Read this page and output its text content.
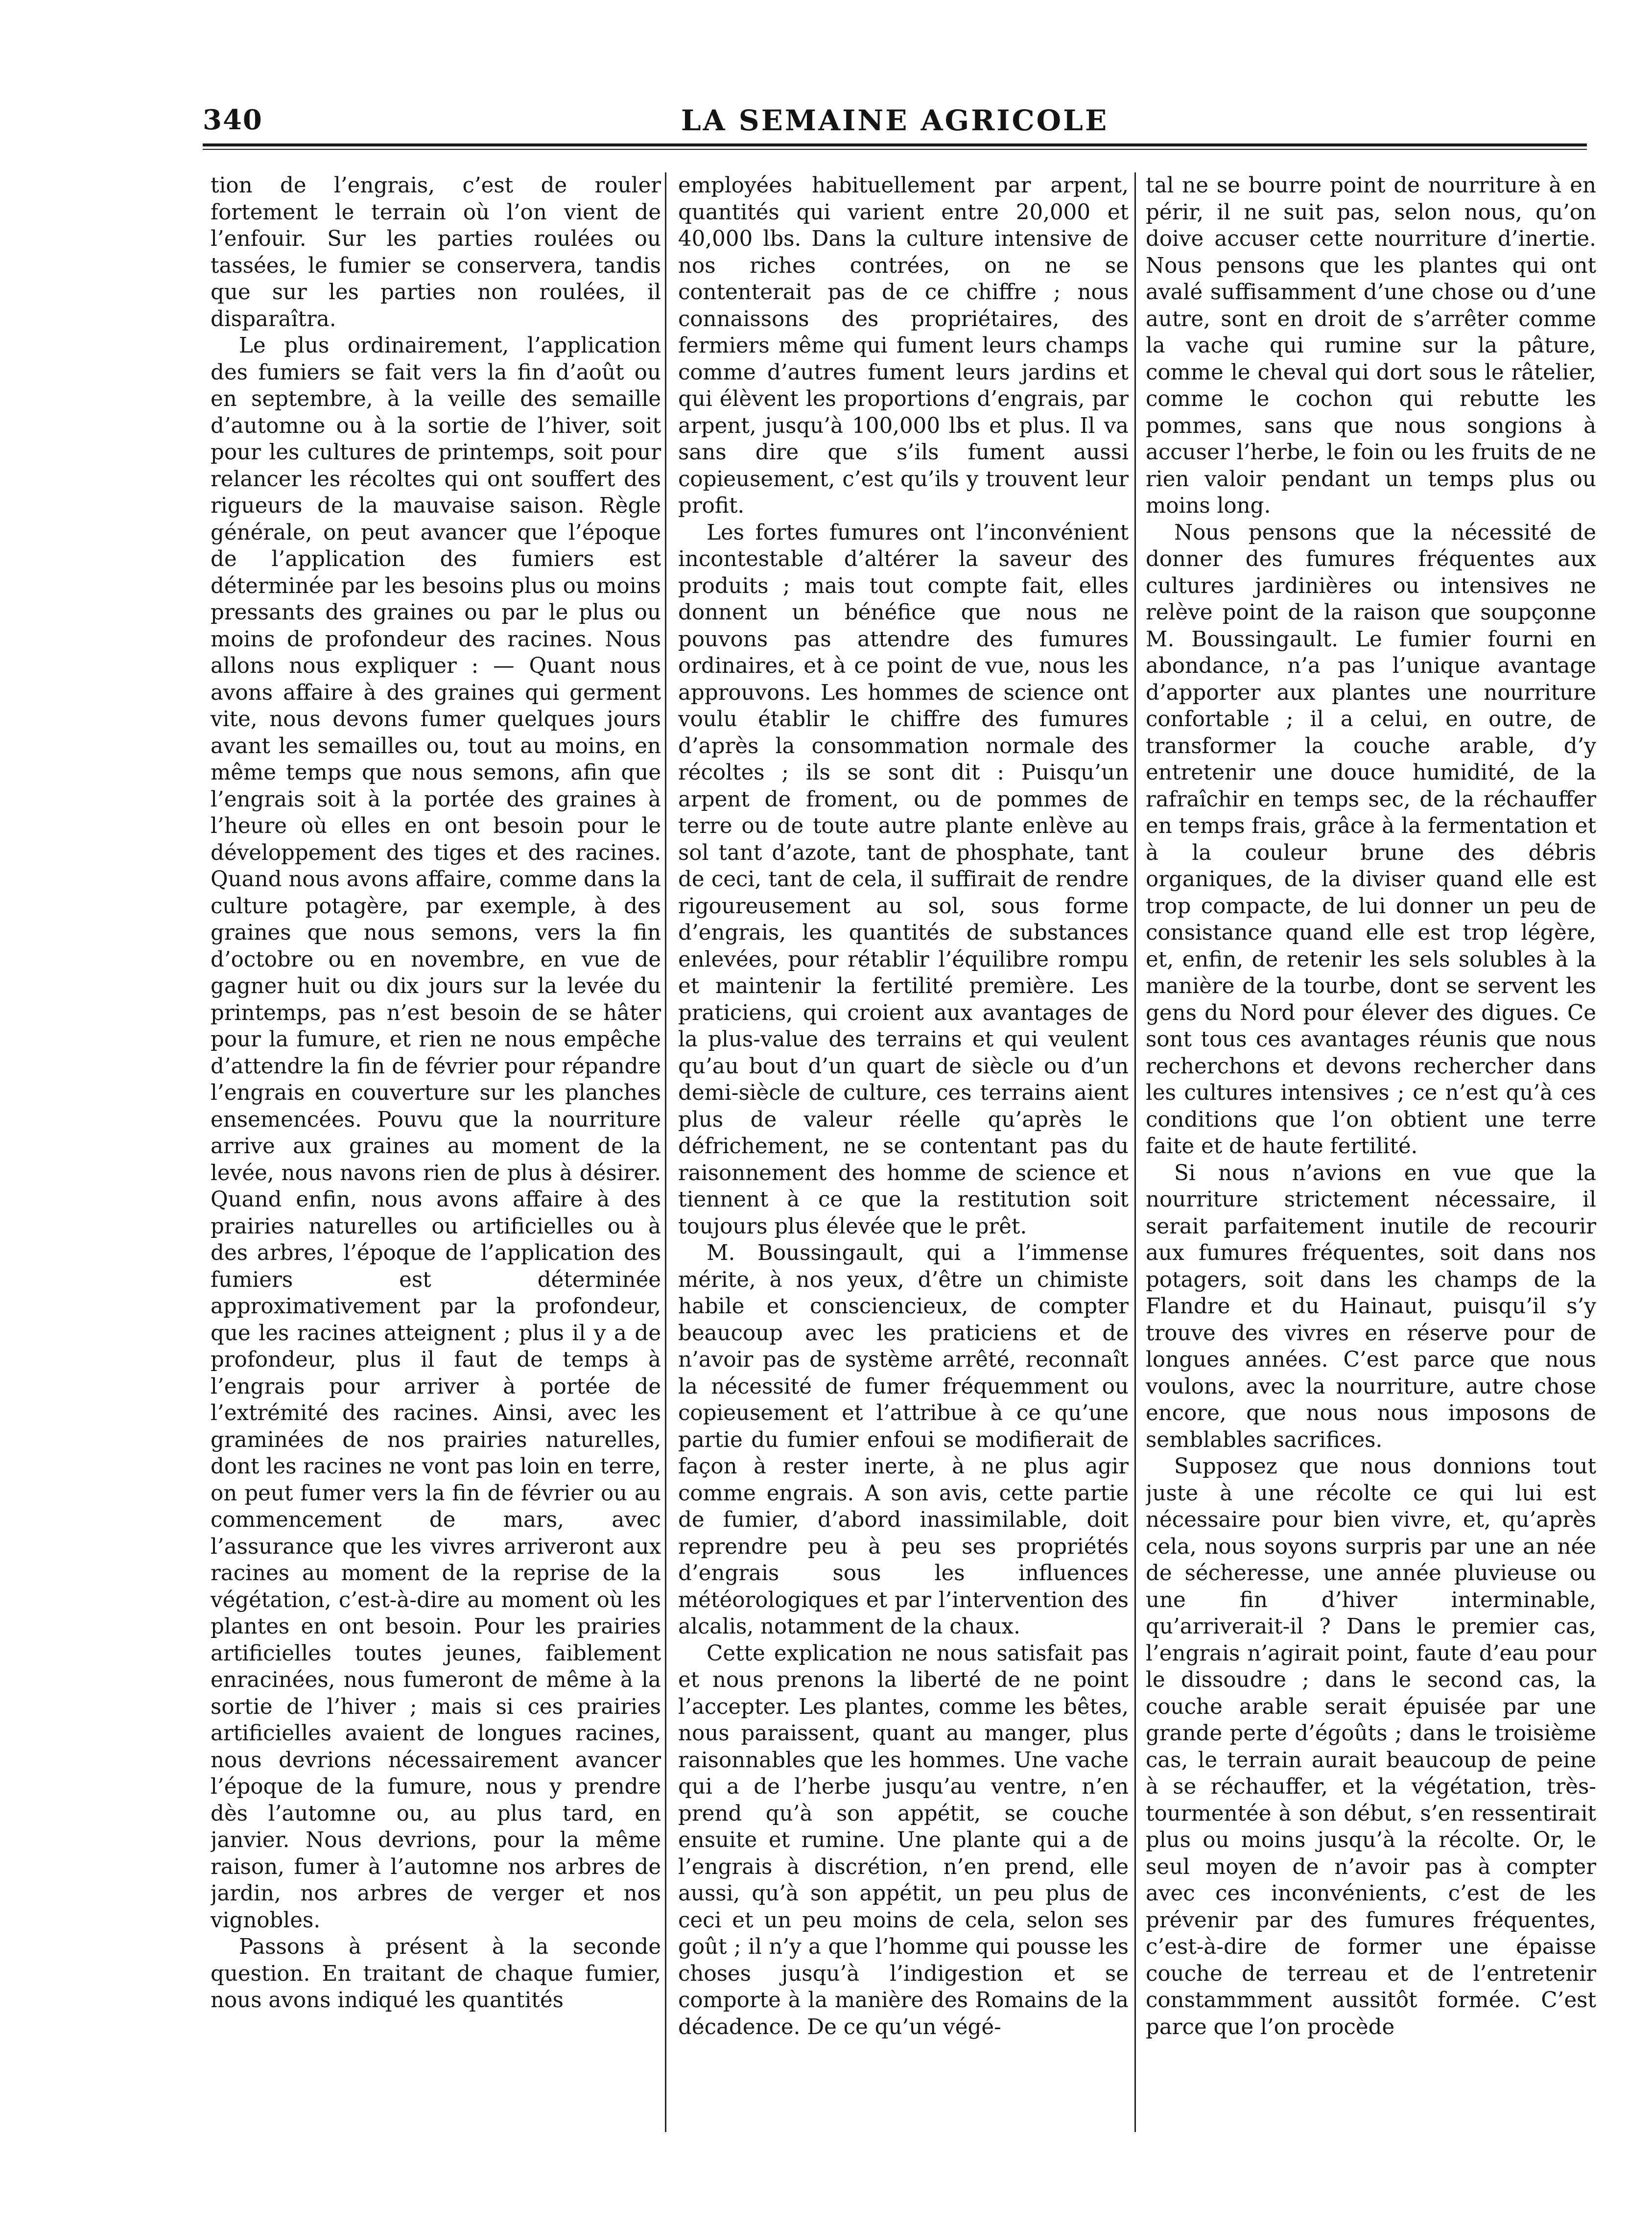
340	LA SEMAINE AGRICOLE

tion de l’engrais, c’est de rouler fortement le terrain où l’on vient de l’enfouir. Sur les parties roulées ou tassées, le fumier se conservera, tandis que sur les parties non roulées, il disparaîtra.

Le plus ordinairement, l’application des fumiers se fait vers la fin d’août ou en septembre, à la veille des semaille d’automne ou à la sortie de l’hiver, soit pour les cultures de printemps, soit pour relancer les récoltes qui ont souffert des rigueurs de la mauvaise saison. Règle générale, on peut avancer que l’époque de l’application des fumiers est déterminée par les besoins plus ou moins pressants des graines ou par le plus ou moins de profondeur des racines. Nous allons nous expliquer : — Quant nous avons affaire à des graines qui germent vite, nous devons fumer quelques jours avant les semailles ou, tout au moins, en même temps que nous semons, afin que l’engrais soit à la portée des graines à l’heure où elles en ont besoin pour le développement des tiges et des racines. Quand nous avons affaire, comme dans la culture potagère, par exemple, à des graines que nous semons, vers la fin d’octobre ou en novembre, en vue de gagner huit ou dix jours sur la levée du printemps, pas n’est besoin de se hâter pour la fumure, et rien ne nous empêche d’attendre la fin de février pour répandre l’engrais en couverture sur les planches ensemencées. Pouvu que la nourriture arrive aux graines au moment de la levée, nous navons rien de plus à désirer. Quand enfin, nous avons affaire à des prairies naturelles ou artificielles ou à des arbres, l’époque de l’application des fumiers est déterminée approximativement par la profondeur, que les racines atteignent ; plus il y a de profondeur, plus il faut de temps à l’engrais pour arriver à portée de l’extrémité des racines. Ainsi, avec les graminées de nos prairies naturelles, dont les racines ne vont pas loin en terre, on peut fumer vers la fin de février ou au commencement de mars, avec l’assurance que les vivres arriveront aux racines au moment de la reprise de la végétation, c’est-à-dire au moment où les plantes en ont besoin. Pour les prairies artificielles toutes jeunes, faiblement enracinées, nous fumeront de même à la sortie de l’hiver ; mais si ces prairies artificielles avaient de longues racines, nous devrions nécessairement avancer l’époque de la fumure, nous y prendre dès l’automne ou, au plus tard, en janvier. Nous devrions, pour la même raison, fumer à l’automne nos arbres de jardin, nos arbres de verger et nos vignobles.

Passons à présent à la seconde question. En traitant de chaque fumier, nous avons indiqué les quantités

employées habituellement par arpent, quantités qui varient entre 20,000 et 40,000 lbs. Dans la culture intensive de nos riches contrées, on ne se contenterait pas de ce chiffre ; nous connaissons des propriétaires, des fermiers même qui fument leurs champs comme d’autres fument leurs jardins et qui élèvent les proportions d’engrais, par arpent, jusqu’à 100,000 lbs et plus. Il va sans dire que s’ils fument aussi copieusement, c’est qu’ils y trouvent leur profit.

Les fortes fumures ont l’inconvénient incontestable d’altérer la saveur des produits ; mais tout compte fait, elles donnent un bénéfice que nous ne pouvons pas attendre des fumures ordinaires, et à ce point de vue, nous les approuvons. Les hommes de science ont voulu établir le chiffre des fumures d’après la consommation normale des récoltes ; ils se sont dit : Puisqu’un arpent de froment, ou de pommes de terre ou de toute autre plante enlève au sol tant d’azote, tant de phosphate, tant de ceci, tant de cela, il suffirait de rendre rigoureusement au sol, sous forme d’engrais, les quantités de substances enlevées, pour rétablir l’équilibre rompu et maintenir la fertilité première. Les praticiens, qui croient aux avantages de la plus-value des terrains et qui veulent qu’au bout d’un quart de siècle ou d’un demi-siècle de culture, ces terrains aient plus de valeur réelle qu’après le défrichement, ne se contentant pas du raisonnement des homme de science et tiennent à ce que la restitution soit toujours plus élevée que le prêt.

M. Boussingault, qui a l’immense mérite, à nos yeux, d’être un chimiste habile et consciencieux, de compter beaucoup avec les praticiens et de n’avoir pas de système arrêté, reconnaît la nécessité de fumer fréquemment ou copieusement et l’attribue à ce qu’une partie du fumier enfoui se modifierait de façon à rester inerte, à ne plus agir comme engrais. A son avis, cette partie de fumier, d’abord inassimilable, doit reprendre peu à peu ses propriétés d’engrais sous les influences météorologiques et par l’intervention des alcalis, notamment de la chaux.

Cette explication ne nous satisfait pas et nous prenons la liberté de ne point l’accepter. Les plantes, comme les bêtes, nous paraissent, quant au manger, plus raisonnables que les hommes. Une vache qui a de l’herbe jusqu’au ventre, n’en prend qu’à son appétit, se couche ensuite et rumine. Une plante qui a de l’engrais à discrétion, n’en prend, elle aussi, qu’à son appétit, un peu plus de ceci et un peu moins de cela, selon ses goût ; il n’y a que l’homme qui pousse les choses jusqu’à l’indigestion et se comporte à la manière des Romains de la décadence. De ce qu’un végé-

tal ne se bourre point de nourriture à en périr, il ne suit pas, selon nous, qu’on doive accuser cette nourriture d’inertie. Nous pensons que les plantes qui ont avalé suffisamment d’une chose ou d’une autre, sont en droit de s’arrêter comme la vache qui rumine sur la pâture, comme le cheval qui dort sous le râtelier, comme le cochon qui rebutte les pommes, sans que nous songions à accuser l’herbe, le foin ou les fruits de ne rien valoir pendant un temps plus ou moins long.

Nous pensons que la nécessité de donner des fumures fréquentes aux cultures jardinières ou intensives ne relève point de la raison que soupçonne M. Boussingault. Le fumier fourni en abondance, n’a pas l’unique avantage d’apporter aux plantes une nourriture confortable ; il a celui, en outre, de transformer la couche arable, d’y entretenir une douce humidité, de la rafraîchir en temps sec, de la réchauffer en temps frais, grâce à la fermentation et à la couleur brune des débris organiques, de la diviser quand elle est trop compacte, de lui donner un peu de consistance quand elle est trop légère, et, enfin, de retenir les sels solubles à la manière de la tourbe, dont se servent les gens du Nord pour élever des digues. Ce sont tous ces avantages réunis que nous recherchons et devons rechercher dans les cultures intensives ; ce n’est qu’à ces conditions que l’on obtient une terre faite et de haute fertilité.

Si nous n’avions en vue que la nourriture strictement nécessaire, il serait parfaitement inutile de recourir aux fumures fréquentes, soit dans nos potagers, soit dans les champs de la Flandre et du Hainaut, puisqu’il s’y trouve des vivres en réserve pour de longues années. C’est parce que nous voulons, avec la nourriture, autre chose encore, que nous nous imposons de semblables sacrifices.

Supposez que nous donnions tout juste à une récolte ce qui lui est nécessaire pour bien vivre, et, qu’après cela, nous soyons surpris par une an née de sécheresse, une année pluvieuse ou une fin d’hiver interminable, qu’arriverait-il ? Dans le premier cas, l’engrais n’agirait point, faute d’eau pour le dissoudre ; dans le second cas, la couche arable serait épuisée par une grande perte d’égoûts ; dans le troisième cas, le terrain aurait beaucoup de peine à se réchauffer, et la végétation, très-tourmentée à son début, s’en ressentirait plus ou moins jusqu’à la récolte. Or, le seul moyen de n’avoir pas à compter avec ces inconvénients, c’est de les prévenir par des fumures fréquentes, c’est-à-dire de former une épaisse couche de terreau et de l’entretenir constammment aussitôt formée. C’est parce que l’on procède
